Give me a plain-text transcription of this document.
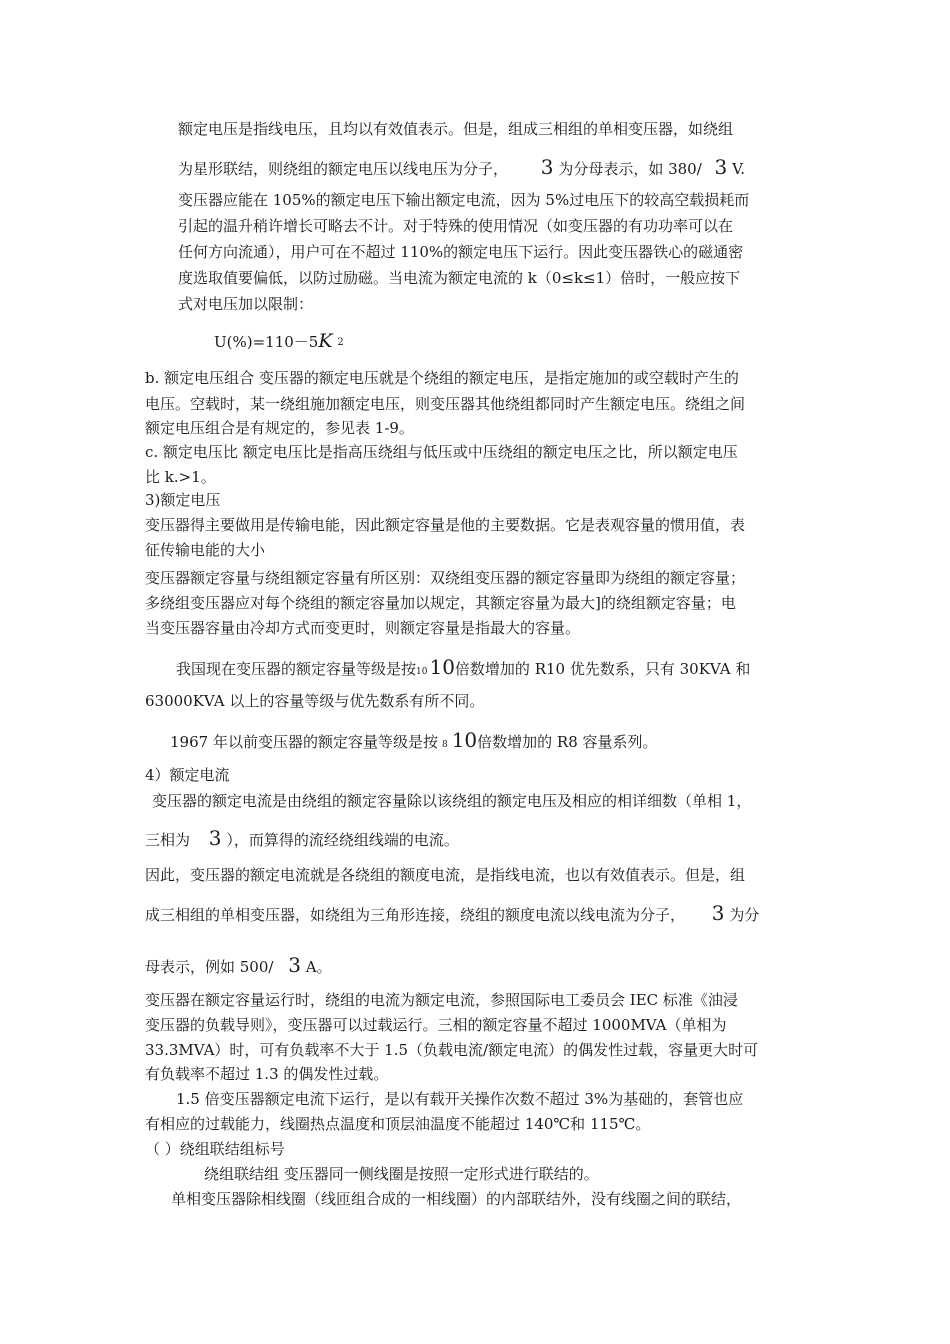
额定电压是指线电压，且均以有效值表示。但是，组成三相组的单相变压器，如绕组
为星形联结，则绕组的额定电压以线电压为分子， 3 为分母表示，如 380/ 3 V.
变压器应能在 105%的额定电压下输出额定电流，因为 5%过电压下的较高空载损耗而
引起的温升稍许增长可略去不计。对于特殊的使用情况（如变压器的有功功率可以在
任何方向流通），用户可在不超过 110%的额定电压下运行。因此变压器铁心的磁通密
度选取值要偏低，以防过励磁。当电流为额定电流的 k（0≤k≤1）倍时，一般应按下
式对电压加以限制：
U(%)=110－5K 2
b. 额定电压组合 变压器的额定电压就是个绕组的额定电压，是指定施加的或空载时产生的
电压。空载时，某一绕组施加额定电压，则变压器其他绕组都同时产生额定电压。绕组之间
额定电压组合是有规定的，参见表 1-9。
c. 额定电压比 额定电压比是指高压绕组与低压或中压绕组的额定电压之比，所以额定电压
比 k.>1。
3)额定电压
变压器得主要做用是传输电能，因此额定容量是他的主要数据。它是表观容量的惯用值，表
征传输电能的大小
变压器额定容量与绕组额定容量有所区别：双绕组变压器的额定容量即为绕组的额定容量；
多绕组变压器应对每个绕组的额定容量加以规定，其额定容量为最大]的绕组额定容量；电
当变压器容量由冷却方式而变更时，则额定容量是指最大的容量。
我国现在变压器的额定容量等级是按10 10倍数增加的 R10 优先数系，只有 30KVA 和
63000KVA 以上的容量等级与优先数系有所不同。
1967 年以前变压器的额定容量等级是按 8 10倍数增加的 R8 容量系列。
4）额定电流
变压器的额定电流是由绕组的额定容量除以该绕组的额定电压及相应的相详细数（单相 1，
三相为 3 ），而算得的流经绕组线端的电流。
因此，变压器的额定电流就是各绕组的额度电流，是指线电流，也以有效值表示。但是，组
成三相组的单相变压器，如绕组为三角形连接，绕组的额度电流以线电流为分子， 3 为分
母表示，例如 500/ 3 A。
变压器在额定容量运行时，绕组的电流为额定电流，参照国际电工委员会 IEC 标准《油浸
变压器的负载导则》，变压器可以过载运行。三相的额定容量不超过 1000MVA（单相为
33.3MVA）时，可有负载率不大于 1.5（负载电流/额定电流）的偶发性过载，容量更大时可
有负载率不超过 1.3 的偶发性过载。
1.5 倍变压器额定电流下运行，是以有载开关操作次数不超过 3%为基础的，套管也应
有相应的过载能力，线圈热点温度和顶层油温度不能超过 140℃和 115℃。
（ ）绕组联结组标号
绕组联结组 变压器同一侧线圈是按照一定形式进行联结的。
单相变压器除相线圈（线匝组合成的一相线圈）的内部联结外，没有线圈之间的联结，
